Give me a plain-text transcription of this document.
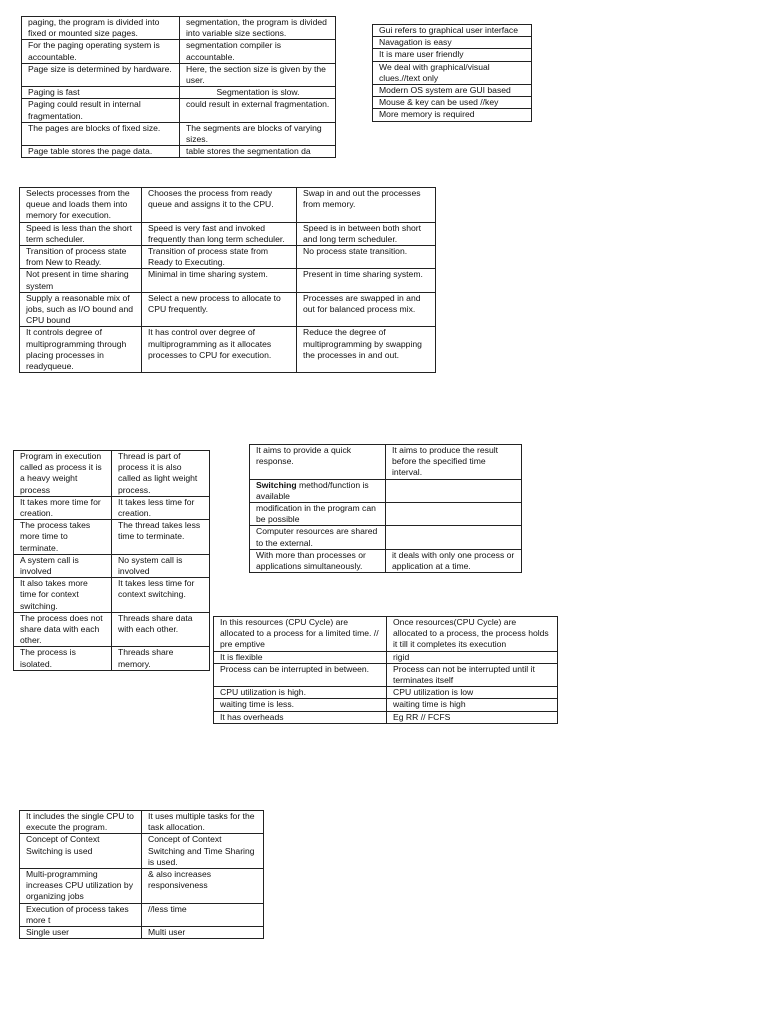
paging, the program is divided into fixed or mounted size pages.	segmentation, the program is divided into variable size sections.
For the paging operating system is accountable.	segmentation compiler is accountable.
Page size is determined by hardware.	Here, the section size is given by the user.
Paging is fast	Segmentation is slow.
Paging could result in internal fragmentation.	could result in external fragmentation.
The pages are blocks of fixed size.	The segments are blocks of varying sizes.
Page table stores the page data.	table stores the segmentation da
Gui refers to graphical user interface
Navagation is easy
It is mare user friendly
We deal with graphical/visual clues.//text only
Modern OS system are GUI based
Mouse & key can be used //key
More memory is required
Selects processes from the queue and loads them into memory for execution.	Chooses the process from ready queue and assigns it to the CPU.	Swap in and out the processes from memory.
Speed is less than the short term scheduler.	Speed is very fast and invoked frequently than long term scheduler.	Speed is in between both short and long term scheduler.
Transition of process state from New to Ready.	Transition of process state from Ready to Executing.	No process state transition.
Not present in time sharing system	Minimal in time sharing system.	Present in time sharing system.
Supply a reasonable mix of jobs, such as I/O bound and CPU bound	Select a new process to allocate to CPU frequently.	Processes are swapped in and out for balanced process mix.
It controls degree of multiprogramming through placing processes in readyqueue.	It has control over degree of multiprogramming as it allocates processes to CPU for execution.	Reduce the degree of multiprogramming by swapping the processes in and out.
Program in execution called as process it is a heavy weight process	Thread is part of process it is also called as light weight process.
It takes more time for creation.	It takes less time for creation.
The process takes more time to terminate.	The thread takes less time to terminate.
A system call is involved	No system call is involved
It also takes more time for context switching.	It takes less time for context switching.
The process does not share data with each other.	Threads share data with each other.
The process is isolated.	Threads share memory.
It aims to provide a quick response.	It aims to produce the result before the specified time interval.
Switching method/function is available	
modification in the program can be possible	
Computer resources are shared to the external.	
With more than processes or applications simultaneously.	it deals with only one process or application at a time.
In this resources (CPU Cycle) are allocated to a process for a limited time. // pre emptive	Once resources(CPU Cycle) are allocated to a process, the process holds it till it completes its execution
It is flexible	rigid
Process can be interrupted in between.	Process can not be interrupted until it terminates itself
CPU utilization is high.	CPU utilization is low
waiting time is less.	waiting time is high
It has overheads	Eg RR // FCFS
It includes the single CPU to execute the program.	It uses multiple tasks for the task allocation.
Concept of Context Switching is used	Concept of Context Switching and Time Sharing is used.
Multi-programming increases CPU utilization by organizing jobs	& also increases responsiveness
Execution of process takes more t	//less time
Single user	Multi user
